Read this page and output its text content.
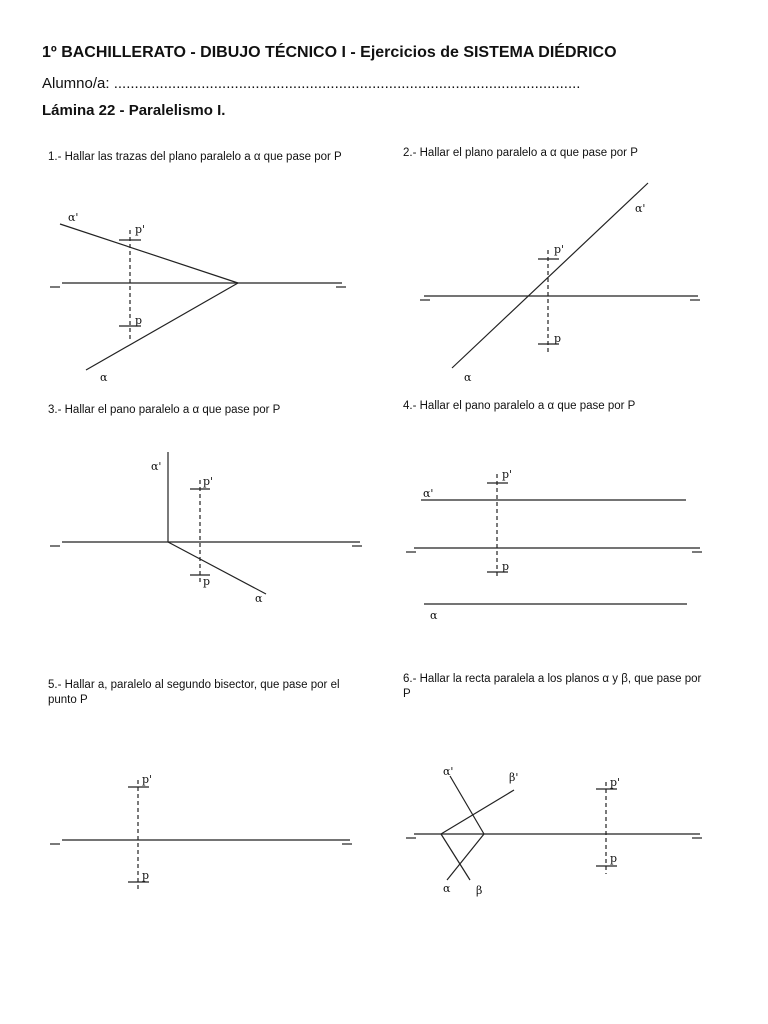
1º BACHILLERATO - DIBUJO TÉCNICO I - Ejercicios de SISTEMA DIÉDRICO
Alumno/a: ................................................................................................................
Lámina 22 - Paralelismo I.
1.- Hallar las trazas del plano paralelo a α que pase por P	2.- Hallar el plano paralelo a α que pase por P
3.- Hallar el pano paralelo a α que pase por P	4.- Hallar el pano paralelo a α que pase por P
5.- Hallar a, paralelo al segundo bisector, que pase por el punto P
6.- Hallar la recta paralela a los planos α y β, que pase por P
α'
α
p'
p
α'
α
p'
p
α'
α
p'
p
α'
α
p'
p
p'
p
α'	β'
α β
p'
p
